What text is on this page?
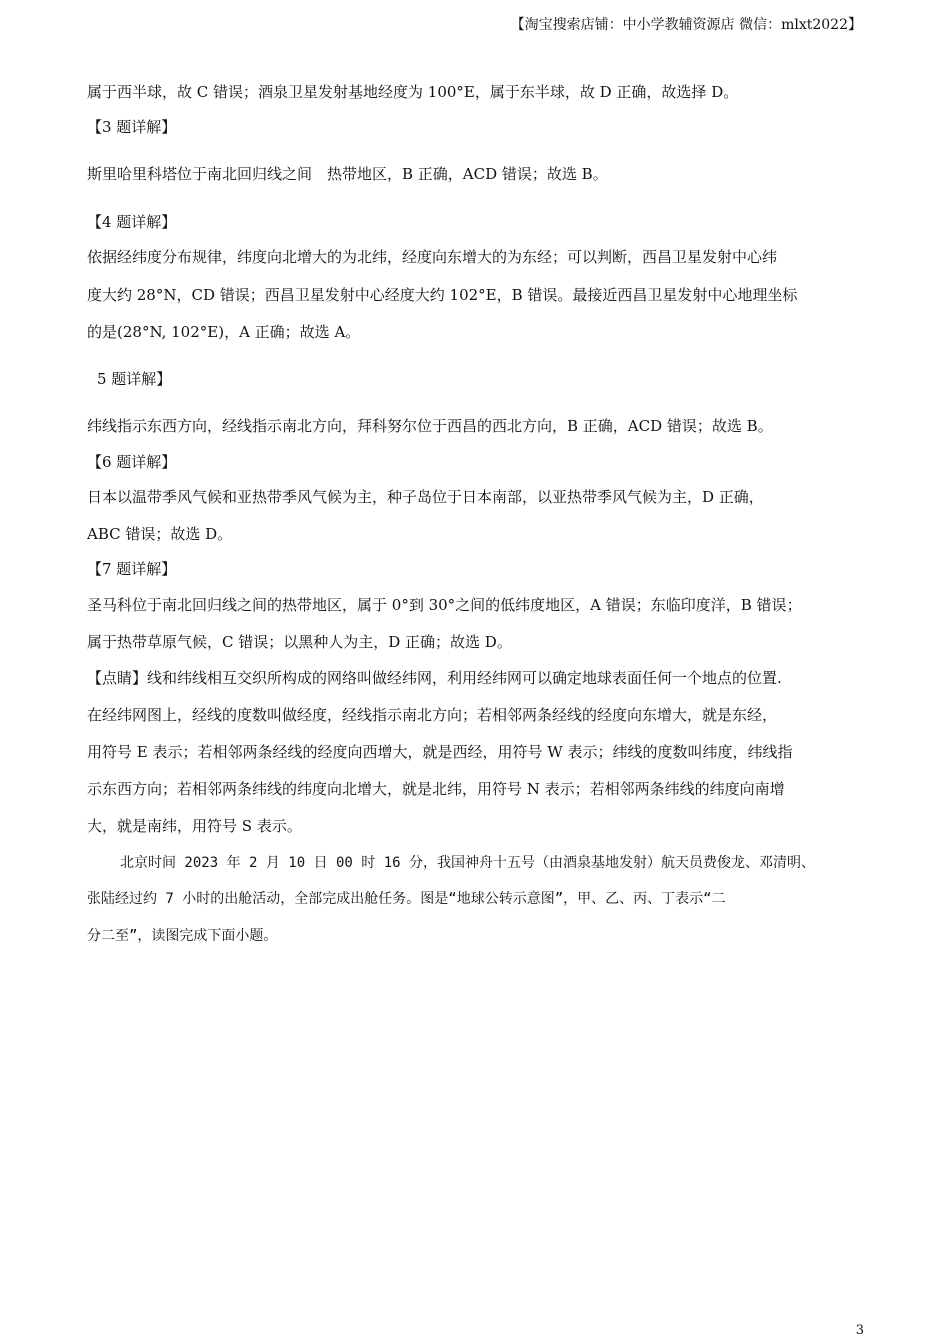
【淘宝搜索店铺：中小学教辅资源店 微信：mlxt2022】
属于西半球，故 C 错误；酒泉卫星发射基地经度为 100°E，属于东半球，故 D 正确，故选择 D。
【3 题详解】
斯里哈里科塔位于南北回归线之间　热带地区，B 正确，ACD 错误；故选 B。
【4 题详解】
依据经纬度分布规律，纬度向北增大的为北纬，经度向东增大的为东经；可以判断，西昌卫星发射中心纬
度大约 28°N，CD 错误；西昌卫星发射中心经度大约 102°E，B 错误。最接近西昌卫星发射中心地理坐标
的是(28°N, 102°E)，A 正确；故选 A。
5 题详解】
纬线指示东西方向，经线指示南北方向，拜科努尔位于西昌的西北方向，B 正确，ACD 错误；故选 B。
【6 题详解】
日本以温带季风气候和亚热带季风气候为主，种子岛位于日本南部，以亚热带季风气候为主，D 正确，
ABC 错误；故选 D。
【7 题详解】
圣马科位于南北回归线之间的热带地区，属于 0°到 30°之间的低纬度地区，A 错误；东临印度洋，B 错误；
属于热带草原气候，C 错误；以黑种人为主，D 正确；故选 D。
【点睛】线和纬线相互交织所构成的网络叫做经纬网，利用经纬网可以确定地球表面任何一个地点的位置.
在经纬网图上，经线的度数叫做经度，经线指示南北方向；若相邻两条经线的经度向东增大，就是东经，
用符号 E 表示；若相邻两条经线的经度向西增大，就是西经，用符号 W 表示；纬线的度数叫纬度，纬线指
示东西方向；若相邻两条纬线的纬度向北增大，就是北纬，用符号 N 表示；若相邻两条纬线的纬度向南增
大，就是南纬，用符号 S 表示。
北京时间 2023 年 2 月 10 日 00 时 16 分，我国神舟十五号（由酒泉基地发射）航天员费俊龙、邓清明、
张陆经过约 7 小时的出舱活动，全部完成出舱任务。图是“地球公转示意图”，甲、乙、丙、丁表示“二
分二至”，读图完成下面小题。
3
